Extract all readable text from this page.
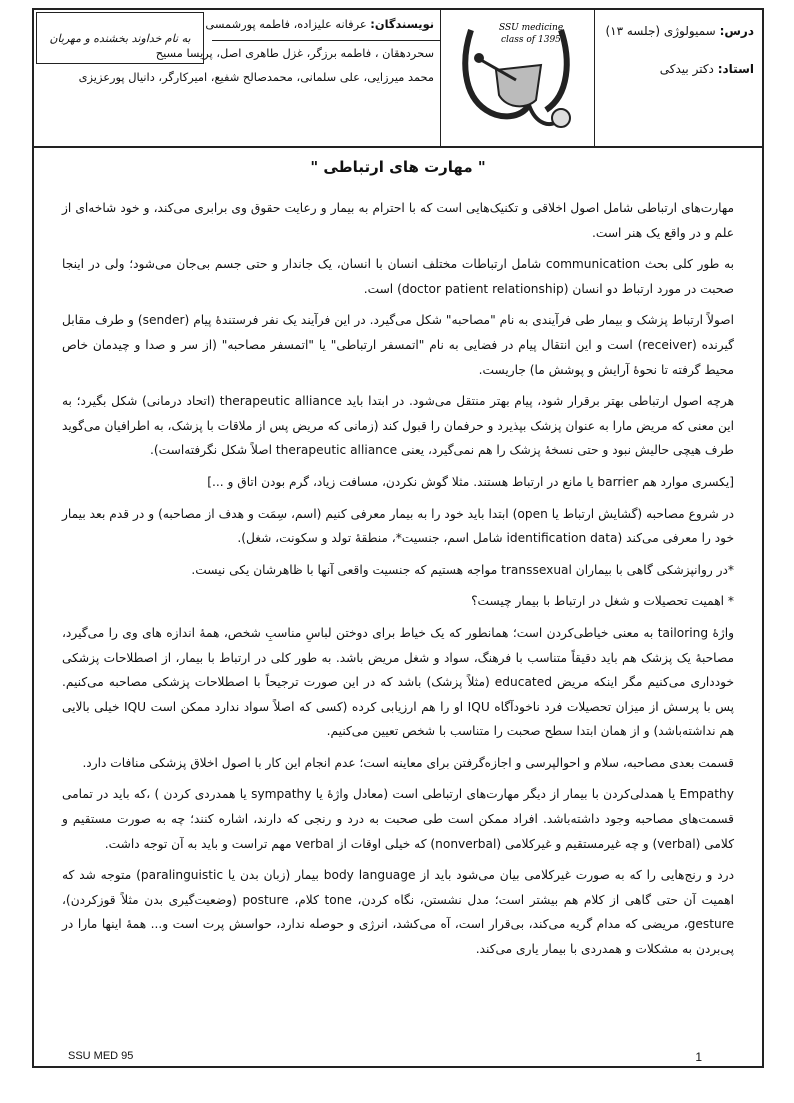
درس: سمیولوژی (جلسه ۱۳)
استاد: دکتر بیدکی
SSU medicine
class of 1395
نویسندگان: عرفانه علیزاده، فاطمه پورشمسی
سحردهقان ، فاطمه برزگر، غزل طاهری اصل، پریسا مسیح
محمد میرزایی، علی سلمانی، محمدصالح شفیع، امیرکارگر، دانیال پورعزیزی
به نام خداوند بخشنده و مهربان
" مهارت های ارتباطی "

مهارت‌های ارتباطی شامل اصول اخلاقی و تکنیک‌هایی است که با احترام به بیمار و رعایت حقوق وی برابری می‌کند، و خود شاخه‌ای از علم و در واقع یک هنر است.

به طور کلی بحث communication شامل ارتباطات مختلف انسان با انسان، یک جاندار و حتی جسم بی‌جان می‌شود؛ ولی در اینجا صحبت در مورد ارتباط دو انسان (doctor patient relationship) است.

اصولاً ارتباط پزشک و بیمار طی فرآیندی به نام "مصاحبه" شکل می‌گیرد. در این فرآیند یک نفر فرستندهٔ پیام (sender) و طرف مقابل گیرنده (receiver) است و این انتقال پیام در فضایی به نام "اتمسفر ارتباطی" یا "اتمسفر مصاحبه" (از سر و صدا و چیدمان خاص محیط گرفته تا نحوهٔ آرایش و پوشش ما) جاریست.

هرچه اصول ارتباطی بهتر برقرار شود، پیام بهتر منتقل می‌شود. در ابتدا باید therapeutic alliance (اتحاد درمانی) شکل بگیرد؛ به این معنی که مریض مارا به عنوان پزشک بپذیرد و حرفمان را قبول کند (زمانی که مریض پس از ملاقات با پزشک، به اطرافیان می‌گوید طرف هیچی حالیش نبود و حتی نسخهٔ پزشک را هم نمی‌گیرد، یعنی therapeutic alliance اصلاً شکل نگرفته‌است).

[یکسری موارد هم barrier یا مانع در ارتباط هستند. مثلا گوش نکردن، مسافت زیاد، گرم بودن اتاق و ...]

در شروع مصاحبه (گشایش ارتباط یا open) ابتدا باید خود را به بیمار معرفی کنیم (اسم، سِمَت و هدف از مصاحبه) و در قدم بعد بیمار خود را معرفی می‌کند (identification data شامل اسم، جنسیت*، منطقهٔ تولد و سکونت، شغل).

*در روانپزشکی گاهی با بیماران transsexual مواجه هستیم که جنسیت واقعی آنها با ظاهرشان یکی نیست.

* اهمیت تحصیلات و شغل در ارتباط با بیمار چیست؟

واژهٔ tailoring به معنی خیاطی‌کردن است؛ همانطور که یک خیاط برای دوختن لباسِ مناسبِ شخص، همهٔ اندازه های وی را می‌گیرد، مصاحبهٔ یک پزشک هم باید دقیقاً متناسب با فرهنگ، سواد و شغل مریض باشد. به طور کلی در ارتباط با بیمار، از اصطلاحات پزشکی خودداری می‌کنیم مگر اینکه مریض educated (مثلاً پزشک) باشد که در این صورت ترجیحاً با اصطلاحات پزشکی مصاحبه می‌کنیم. پس با پرسش از میزان تحصیلات فرد ناخودآگاه IQU او را هم ارزیابی کرده (کسی که اصلاً سواد ندارد ممکن است IQU خیلی بالایی هم نداشته‌باشد) و از همان ابتدا سطح صحبت را متناسب با شخص تعیین می‌کنیم.

قسمت بعدی مصاحبه، سلام و احوالپرسی و اجازه‌گرفتن برای معاینه است؛ عدم انجام این کار با اصول اخلاق پزشکی منافات دارد.

Empathy یا همدلی‌کردن با بیمار از دیگر مهارت‌های ارتباطی است (معادل واژهٔ یا sympathy یا همدردی کردن ) ،که باید در تمامی قسمت‌های مصاحبه وجود داشته‌باشد. افراد ممکن است طی صحبت به درد و رنجی که دارند، اشاره کنند؛ چه به صورت مستقیم و کلامی (verbal) و چه غیرمستقیم و غیرکلامی (nonverbal) که خیلی اوقات از verbal مهم تراست و باید به آن توجه داشت.

درد و رنج‌هایی را که به صورت غیرکلامی بیان می‌شود باید از body language بیمار (زبان بدن یا paralinguistic) متوجه شد که اهمیت آن حتی گاهی از کلام هم بیشتر است؛ مدل نشستن، نگاه کردن، tone کلام، posture (وضعیت‌گیری بدن مثلاً قوزکردن)، gesture، مریضی که مدام گریه می‌کند، بی‌قرار است، آه می‌کشد، انرژی و حوصله ندارد، حواسش پرت است و... همهٔ اینها مارا در پی‌بردن به مشکلات و همدردی با بیمار یاری می‌کند.

SSU MED 95	1
